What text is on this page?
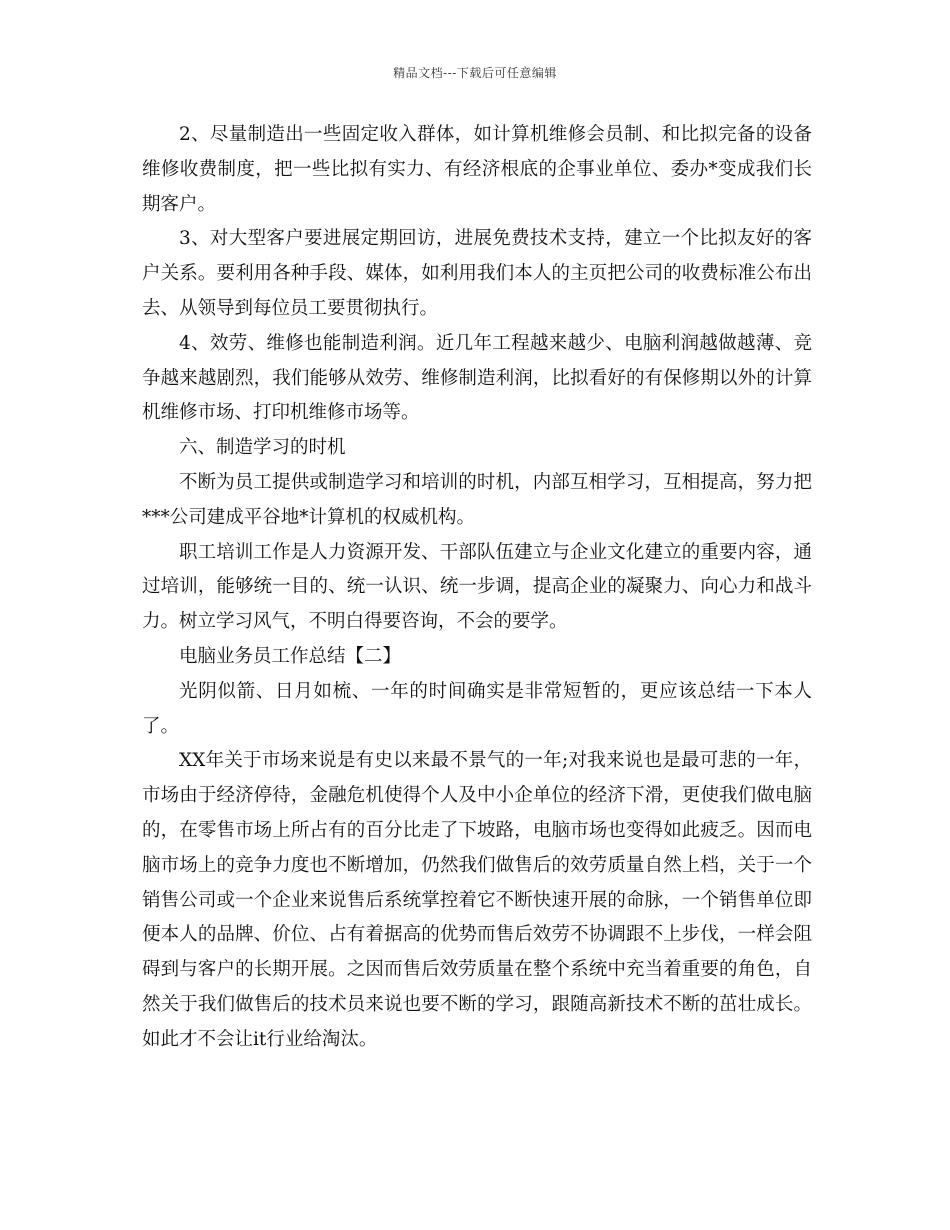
精品文档---下载后可任意编辑

2、尽量制造出一些固定收入群体，如计算机维修会员制、和比拟完备的设备维修收费制度，把一些比拟有实力、有经济根底的企事业单位、委办*变成我们长期客户。

3、对大型客户要进展定期回访，进展免费技术支持，建立一个比拟友好的客户关系。要利用各种手段、媒体，如利用我们本人的主页把公司的收费标准公布出去、从领导到每位员工要贯彻执行。

4、效劳、维修也能制造利润。近几年工程越来越少、电脑利润越做越薄、竞争越来越剧烈，我们能够从效劳、维修制造利润，比拟看好的有保修期以外的计算机维修市场、打印机维修市场等。

六、制造学习的时机

不断为员工提供或制造学习和培训的时机，内部互相学习，互相提高，努力把***公司建成平谷地*计算机的权威机构。

职工培训工作是人力资源开发、干部队伍建立与企业文化建立的重要内容，通过培训，能够统一目的、统一认识、统一步调，提高企业的凝聚力、向心力和战斗力。树立学习风气，不明白得要咨询，不会的要学。

电脑业务员工作总结【二】

光阴似箭、日月如梳、一年的时间确实是非常短暂的，更应该总结一下本人了。

XX年关于市场来说是有史以来最不景气的一年;对我来说也是最可悲的一年，市场由于经济停待，金融危机使得个人及中小企单位的经济下滑，更使我们做电脑的，在零售市场上所占有的百分比走了下坡路，电脑市场也变得如此疲乏。因而电脑市场上的竞争力度也不断增加，仍然我们做售后的效劳质量自然上档，关于一个销售公司或一个企业来说售后系统掌控着它不断快速开展的命脉，一个销售单位即便本人的品牌、价位、占有着据高的优势而售后效劳不协调跟不上步伐，一样会阻碍到与客户的长期开展。之因而售后效劳质量在整个系统中充当着重要的角色，自然关于我们做售后的技术员来说也要不断的学习，跟随高新技术不断的茁壮成长。如此才不会让it行业给淘汰。
